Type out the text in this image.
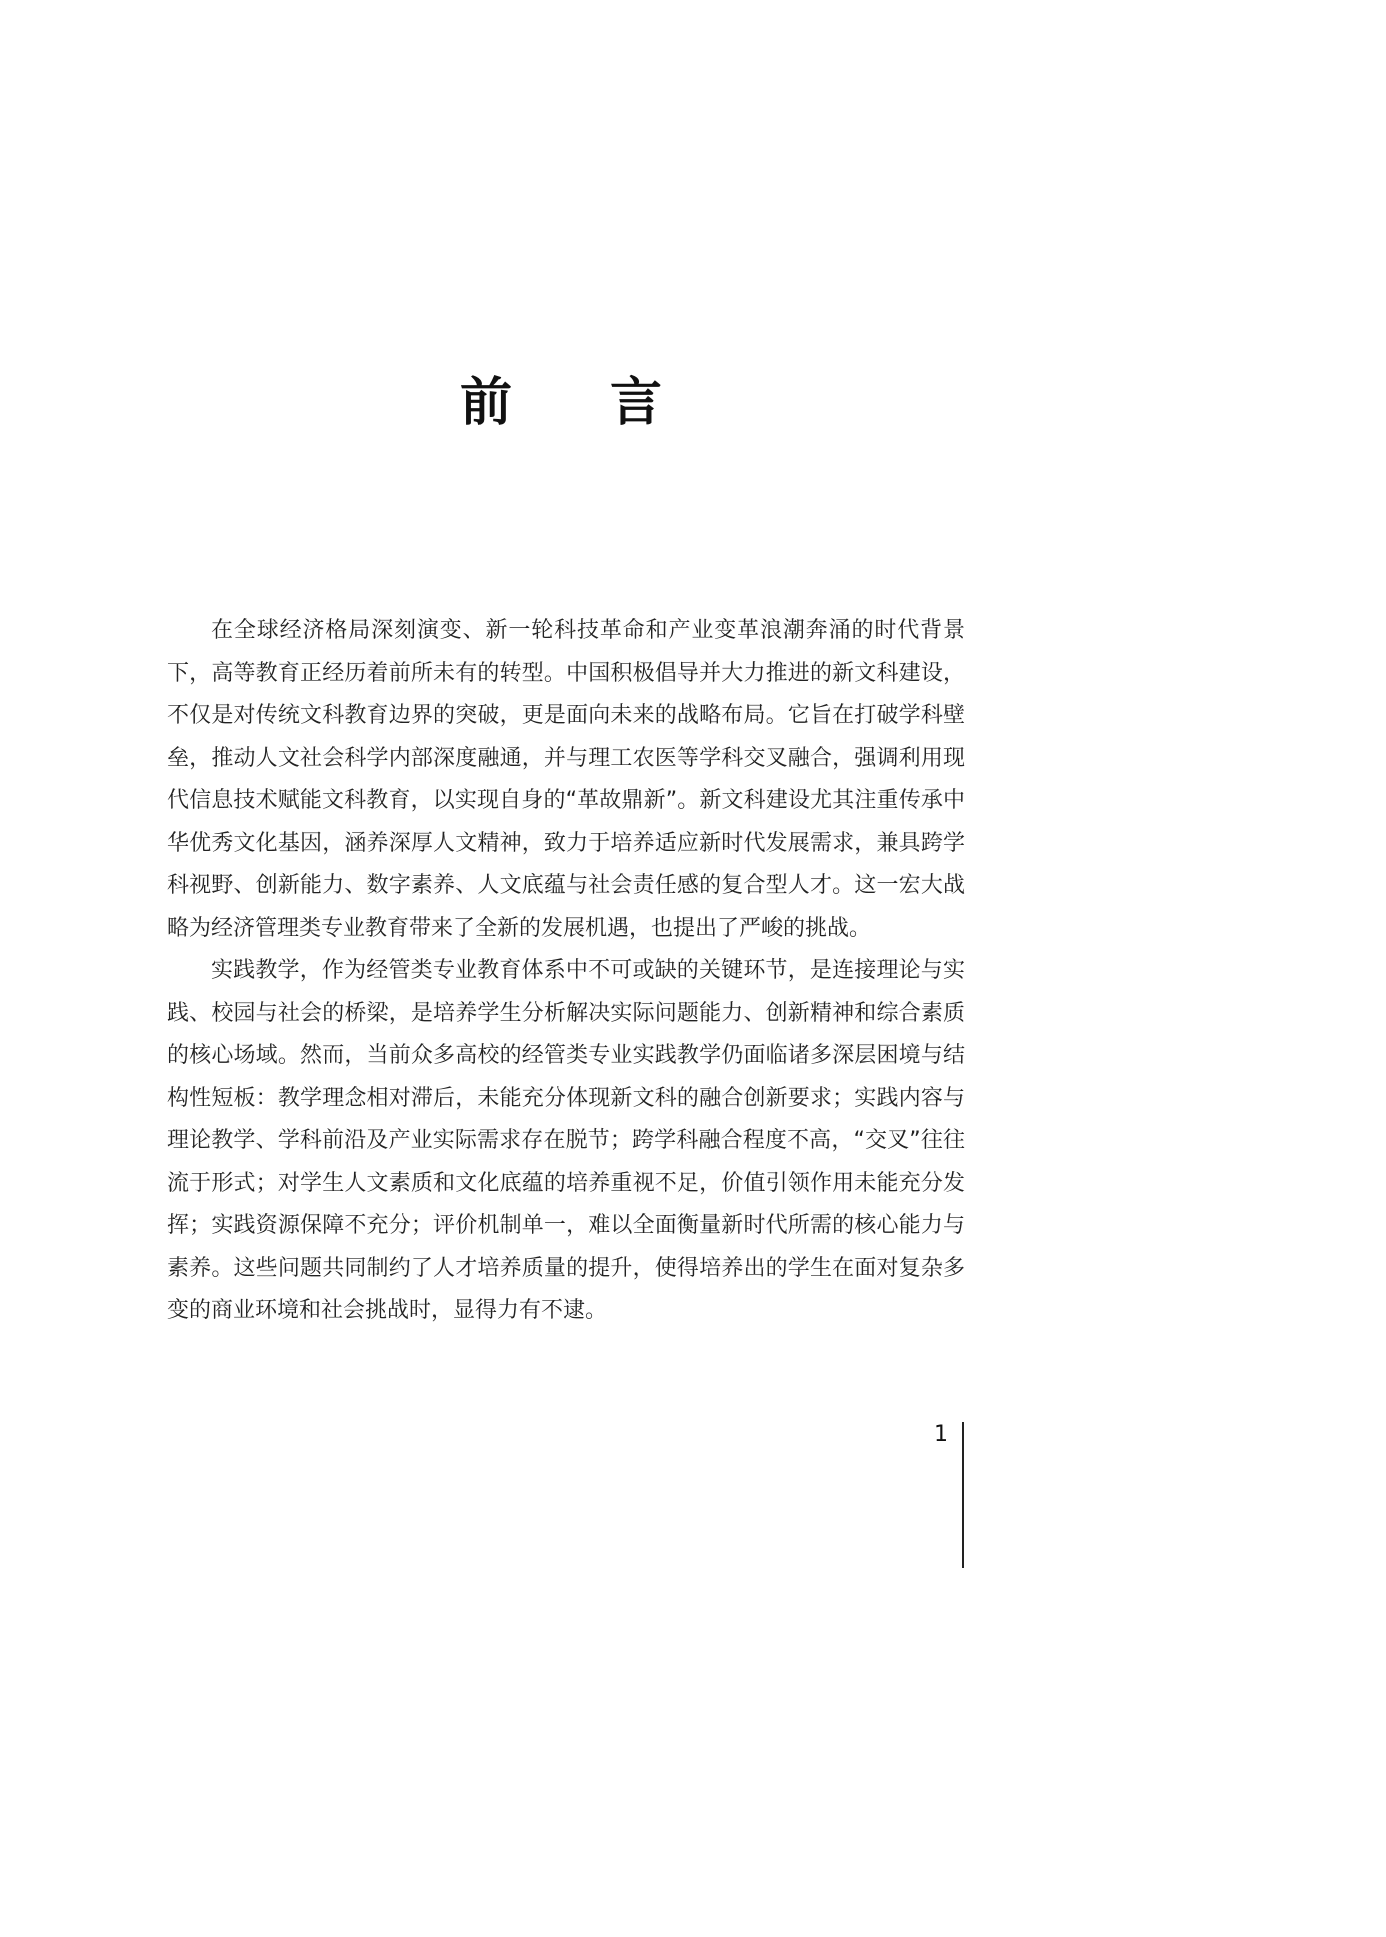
前 言

在全球经济格局深刻演变、新一轮科技革命和产业变革浪潮奔涌的时代背景下，高等教育正经历着前所未有的转型。中国积极倡导并大力推进的新文科建设，不仅是对传统文科教育边界的突破，更是面向未来的战略布局。它旨在打破学科壁垒，推动人文社会科学内部深度融通，并与理工农医等学科交叉融合，强调利用现代信息技术赋能文科教育，以实现自身的“革故鼎新”。新文科建设尤其注重传承中华优秀文化基因，涵养深厚人文精神，致力于培养适应新时代发展需求，兼具跨学科视野、创新能力、数字素养、人文底蕴与社会责任感的复合型人才。这一宏大战略为经济管理类专业教育带来了全新的发展机遇，也提出了严峻的挑战。

实践教学，作为经管类专业教育体系中不可或缺的关键环节，是连接理论与实践、校园与社会的桥梁，是培养学生分析解决实际问题能力、创新精神和综合素质的核心场域。然而，当前众多高校的经管类专业实践教学仍面临诸多深层困境与结构性短板：教学理念相对滞后，未能充分体现新文科的融合创新要求；实践内容与理论教学、学科前沿及产业实际需求存在脱节；跨学科融合程度不高，“交叉”往往流于形式；对学生人文素质和文化底蕴的培养重视不足，价值引领作用未能充分发挥；实践资源保障不充分；评价机制单一，难以全面衡量新时代所需的核心能力与素养。这些问题共同制约了人才培养质量的提升，使得培养出的学生在面对复杂多变的商业环境和社会挑战时，显得力有不逮。

1
